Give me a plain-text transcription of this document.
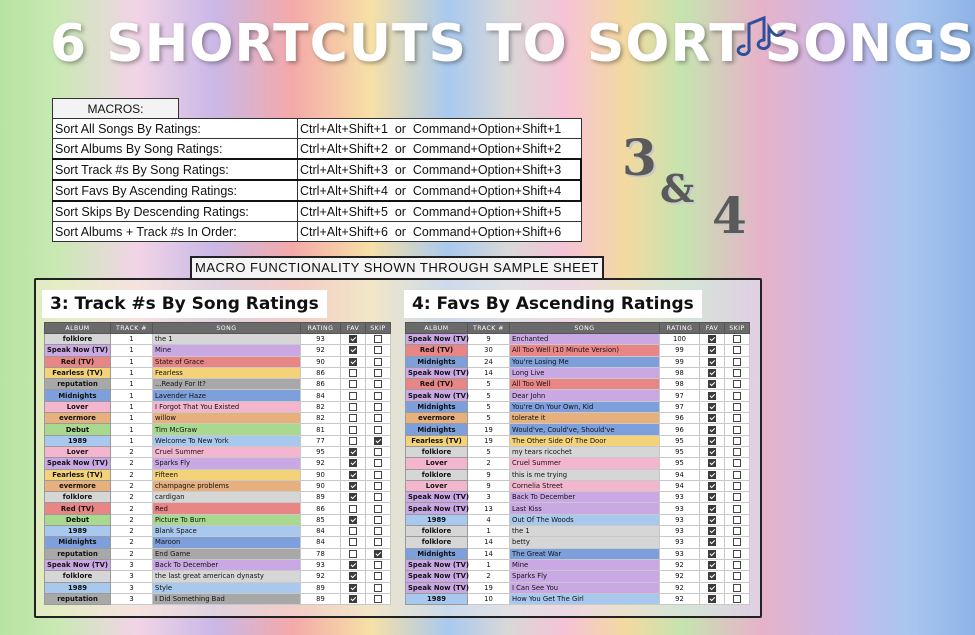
6 SHORTCUTS TO SORT SONGS
MACROS:
Sort All Songs By Ratings:	Ctrl+Alt+Shift+1  or  Command+Option+Shift+1
Sort Albums By Song Ratings:	Ctrl+Alt+Shift+2  or  Command+Option+Shift+2
Sort Track #s By Song Ratings:	Ctrl+Alt+Shift+3  or  Command+Option+Shift+3
Sort Favs By Ascending Ratings:	Ctrl+Alt+Shift+4  or  Command+Option+Shift+4
Sort Skips By Descending Ratings:	Ctrl+Alt+Shift+5  or  Command+Option+Shift+5
Sort Albums + Track #s In Order:	Ctrl+Alt+Shift+6  or  Command+Option+Shift+6
3
& 4
MACRO FUNCTIONALITY SHOWN THROUGH SAMPLE SHEET
3: Track #s By Song Ratings	4: Favs By Ascending Ratings
ALBUM	TRACK #	SONG	RATING	FAV	SKIP
folklore	1	the 1	93		
Speak Now (TV)	1	Mine	92		
Red (TV)	1	State of Grace	90		
Fearless (TV)	1	Fearless	86		
reputation	1	...Ready For It?	86		
Midnights	1	Lavender Haze	84		
Lover	1	I Forgot That You Existed	82		
evermore	1	willow	82		
Debut	1	Tim McGraw	81		
1989	1	Welcome To New York	77		
Lover	2	Cruel Summer	95		
Speak Now (TV)	2	Sparks Fly	92		
Fearless (TV)	2	Fifteen	90		
evermore	2	champagne problems	90		
folklore	2	cardigan	89		
Red (TV)	2	Red	86		
Debut	2	Picture To Burn	85		
1989	2	Blank Space	84		
Midnights	2	Maroon	84		
reputation	2	End Game	78		
Speak Now (TV)	3	Back To December	93		
folklore	3	the last great american dynasty	92		
1989	3	Style	89		
reputation	3	I Did Something Bad	89		
ALBUM	TRACK #	SONG	RATING	FAV	SKIP
Speak Now (TV)	9	Enchanted	100		
Red (TV)	30	All Too Well (10 Minute Version)	99		
Midnights	24	You're Losing Me	99		
Speak Now (TV)	14	Long Live	98		
Red (TV)	5	All Too Well	98		
Speak Now (TV)	5	Dear John	97		
Midnights	5	You're On Your Own, Kid	97		
evermore	5	tolerate it	96		
Midnights	19	Would've, Could've, Should've	96		
Fearless (TV)	19	The Other Side Of The Door	95		
folklore	5	my tears ricochet	95		
Lover	2	Cruel Summer	95		
folklore	9	this is me trying	94		
Lover	9	Cornelia Street	94		
Speak Now (TV)	3	Back To December	93		
Speak Now (TV)	13	Last Kiss	93		
1989	4	Out Of The Woods	93		
folklore	1	the 1	93		
folklore	14	betty	93		
Midnights	14	The Great War	93		
Speak Now (TV)	1	Mine	92		
Speak Now (TV)	2	Sparks Fly	92		
Speak Now (TV)	19	I Can See You	92		
1989	10	How You Get The Girl	92		
